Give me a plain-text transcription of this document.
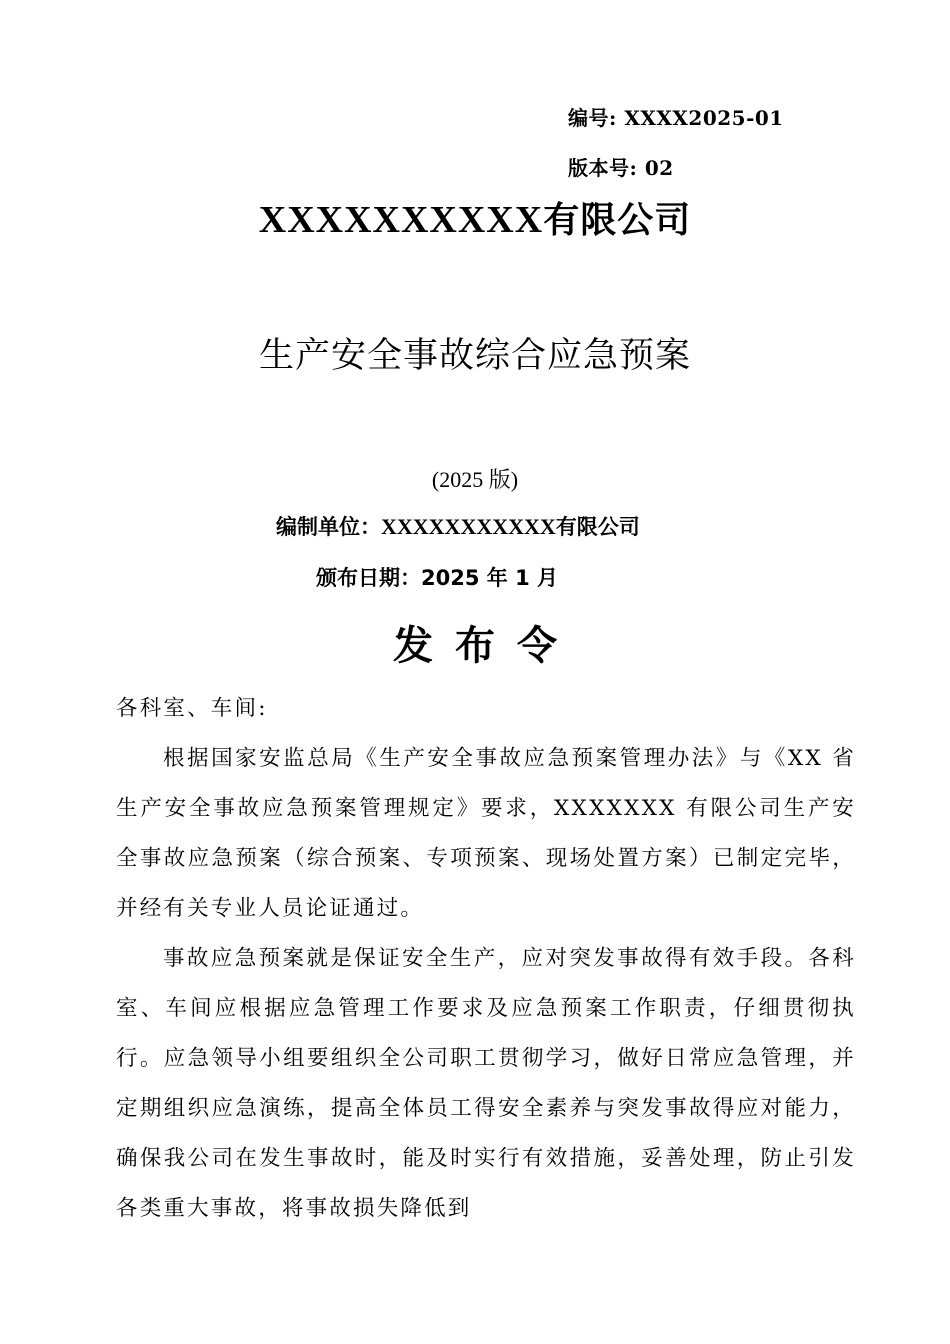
编号: XXXX2025-01
版本号: 02
XXXXXXXXXX有限公司
生产安全事故综合应急预案
(2025 版)
编制单位：XXXXXXXXXXX有限公司
颁布日期：2025 年 1 月
发布令

各科室、车间:

根据国家安监总局《生产安全事故应急预案管理办法》与《XX 省生产安全事故应急预案管理规定》要求，XXXXXXX 有限公司生产安全事故应急预案（综合预案、专项预案、现场处置方案）已制定完毕，并经有关专业人员论证通过。

事故应急预案就是保证安全生产，应对突发事故得有效手段。各科室、车间应根据应急管理工作要求及应急预案工作职责，仔细贯彻执行。应急领导小组要组织全公司职工贯彻学习，做好日常应急管理，并定期组织应急演练，提高全体员工得安全素养与突发事故得应对能力，确保我公司在发生事故时，能及时实行有效措施，妥善处理，防止引发各类重大事故，将事故损失降低到
